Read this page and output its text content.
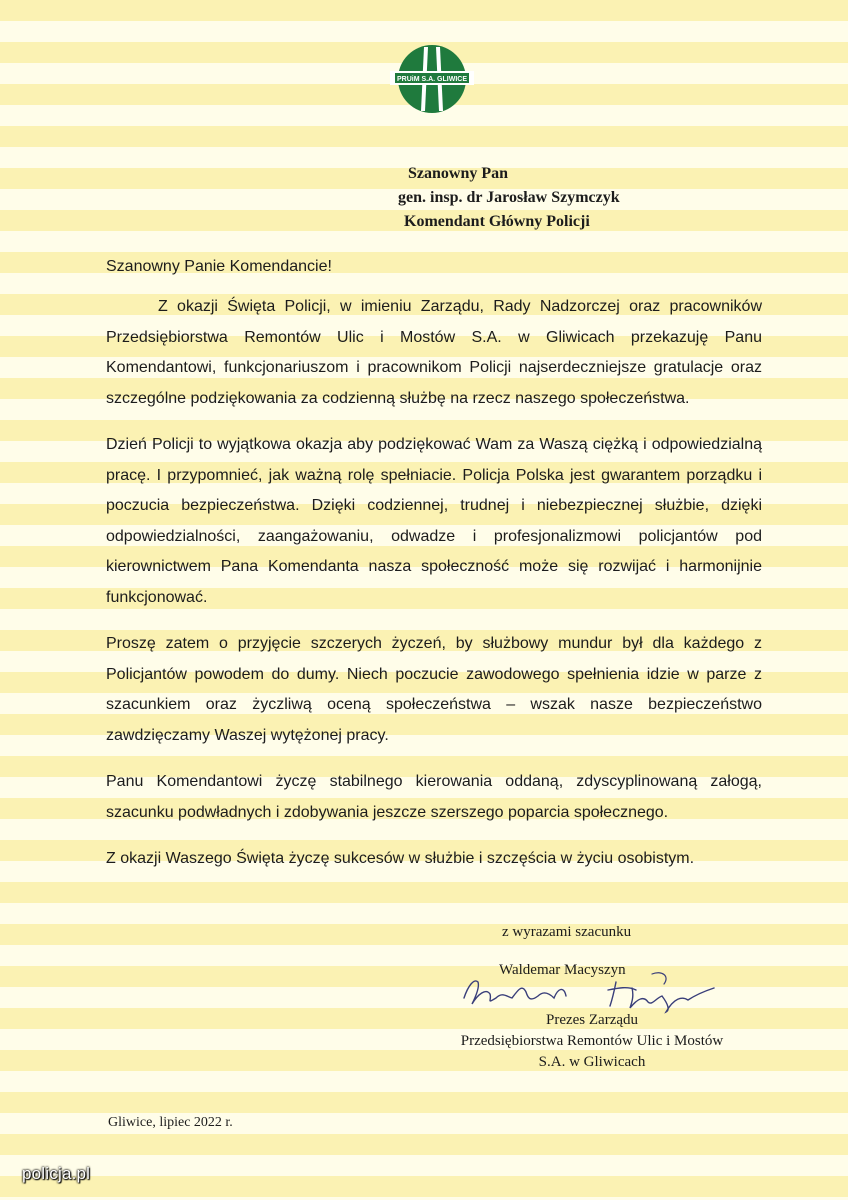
PRUiM S.A. GLIWICE
Szanowny Pan
gen. insp. dr Jarosław Szymczyk
Komendant Główny Policji
Szanowny Panie Komendancie!

Z okazji Święta Policji, w imieniu Zarządu, Rady Nadzorczej oraz pracowników Przedsiębiorstwa Remontów Ulic i Mostów S.A. w Gliwicach przekazuję Panu Komendantowi, funkcjonariuszom i pracownikom Policji najserdeczniejsze gratulacje oraz szczególne podziękowania za codzienną służbę na rzecz naszego społeczeństwa.

Dzień Policji to wyjątkowa okazja aby podziękować Wam za Waszą ciężką i odpowiedzialną pracę. I przypomnieć, jak ważną rolę spełniacie. Policja Polska jest gwarantem porządku i poczucia bezpieczeństwa. Dzięki codziennej, trudnej i niebezpiecznej służbie, dzięki odpowiedzialności, zaangażowaniu, odwadze i profesjonalizmowi policjantów pod kierownictwem Pana Komendanta nasza społeczność może się rozwijać i harmonijnie funkcjonować.

Proszę zatem o przyjęcie szczerych życzeń, by służbowy mundur był dla każdego z Policjantów powodem do dumy. Niech poczucie zawodowego spełnienia idzie w parze z szacunkiem oraz życzliwą oceną społeczeństwa – wszak nasze bezpieczeństwo zawdzięczamy Waszej wytężonej pracy.

Panu Komendantowi życzę stabilnego kierowania oddaną, zdyscyplinowaną załogą, szacunku podwładnych i zdobywania jeszcze szerszego poparcia społecznego.

Z okazji Waszego Święta życzę sukcesów w służbie i szczęścia w życiu osobistym.

z wyrazami szacunku
Waldemar Macyszyn
Prezes Zarządu
Przedsiębiorstwa Remontów Ulic i Mostów
S.A. w Gliwicach
Gliwice, lipiec 2022 r.
policja.pl
